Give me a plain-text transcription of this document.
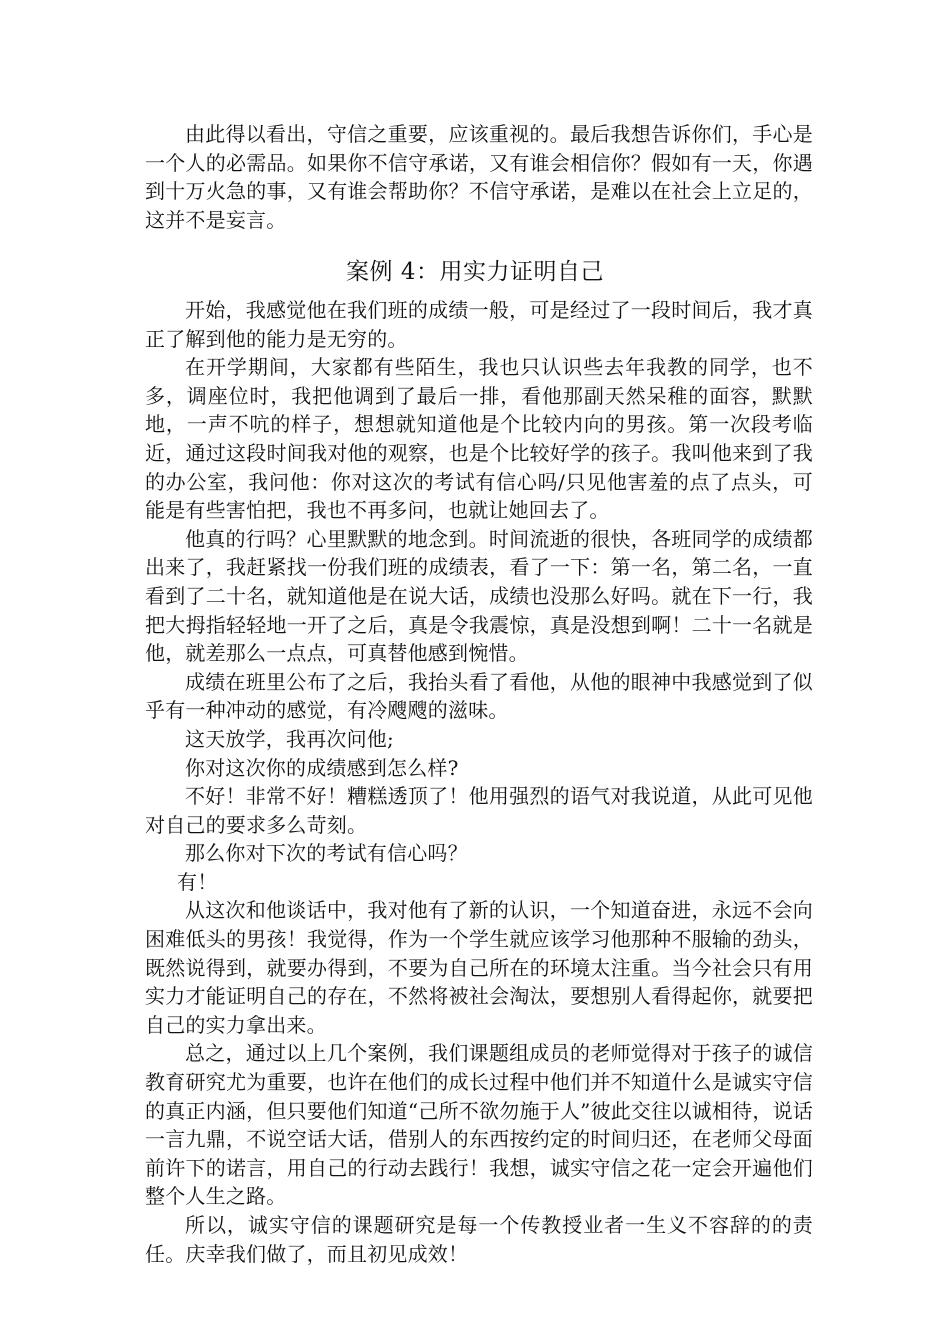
由此得以看出，守信之重要，应该重视的。最后我想告诉你们，手心是一个人的必需品。如果你不信守承诺，又有谁会相信你？假如有一天，你遇到十万火急的事，又有谁会帮助你？不信守承诺，是难以在社会上立足的，这并不是妄言。

案例 4：用实力证明自己

开始，我感觉他在我们班的成绩一般，可是经过了一段时间后，我才真正了解到他的能力是无穷的。

在开学期间，大家都有些陌生，我也只认识些去年我教的同学，也不多，调座位时，我把他调到了最后一排，看他那副天然呆稚的面容，默默地，一声不吭的样子，想想就知道他是个比较内向的男孩。第一次段考临近，通过这段时间我对他的观察，也是个比较好学的孩子。我叫他来到了我的办公室，我问他：你对这次的考试有信心吗/只见他害羞的点了点头，可能是有些害怕把，我也不再多问，也就让她回去了。

他真的行吗？心里默默的地念到。时间流逝的很快，各班同学的成绩都出来了，我赶紧找一份我们班的成绩表，看了一下：第一名，第二名，一直看到了二十名，就知道他是在说大话，成绩也没那么好吗。就在下一行，我把大拇指轻轻地一开了之后，真是令我震惊，真是没想到啊！二十一名就是他，就差那么一点点，可真替他感到惋惜。

成绩在班里公布了之后，我抬头看了看他，从他的眼神中我感觉到了似乎有一种冲动的感觉，有冷飕飕的滋味。

这天放学，我再次问他;

你对这次你的成绩感到怎么样?

不好！非常不好！糟糕透顶了！他用强烈的语气对我说道，从此可见他对自己的要求多么苛刻。

那么你对下次的考试有信心吗？

有！

从这次和他谈话中，我对他有了新的认识，一个知道奋进，永远不会向困难低头的男孩！我觉得，作为一个学生就应该学习他那种不服输的劲头，既然说得到，就要办得到，不要为自己所在的环境太注重。当今社会只有用实力才能证明自己的存在，不然将被社会淘汰，要想别人看得起你，就要把自己的实力拿出来。

总之，通过以上几个案例，我们课题组成员的老师觉得对于孩子的诚信教育研究尤为重要，也许在他们的成长过程中他们并不知道什么是诚实守信的真正内涵，但只要他们知道“己所不欲勿施于人”彼此交往以诚相待，说话一言九鼎，不说空话大话，借别人的东西按约定的时间归还，在老师父母面前许下的诺言，用自己的行动去践行！我想，诚实守信之花一定会开遍他们整个人生之路。

所以，诚实守信的课题研究是每一个传教授业者一生义不容辞的的责任。庆幸我们做了，而且初见成效！
